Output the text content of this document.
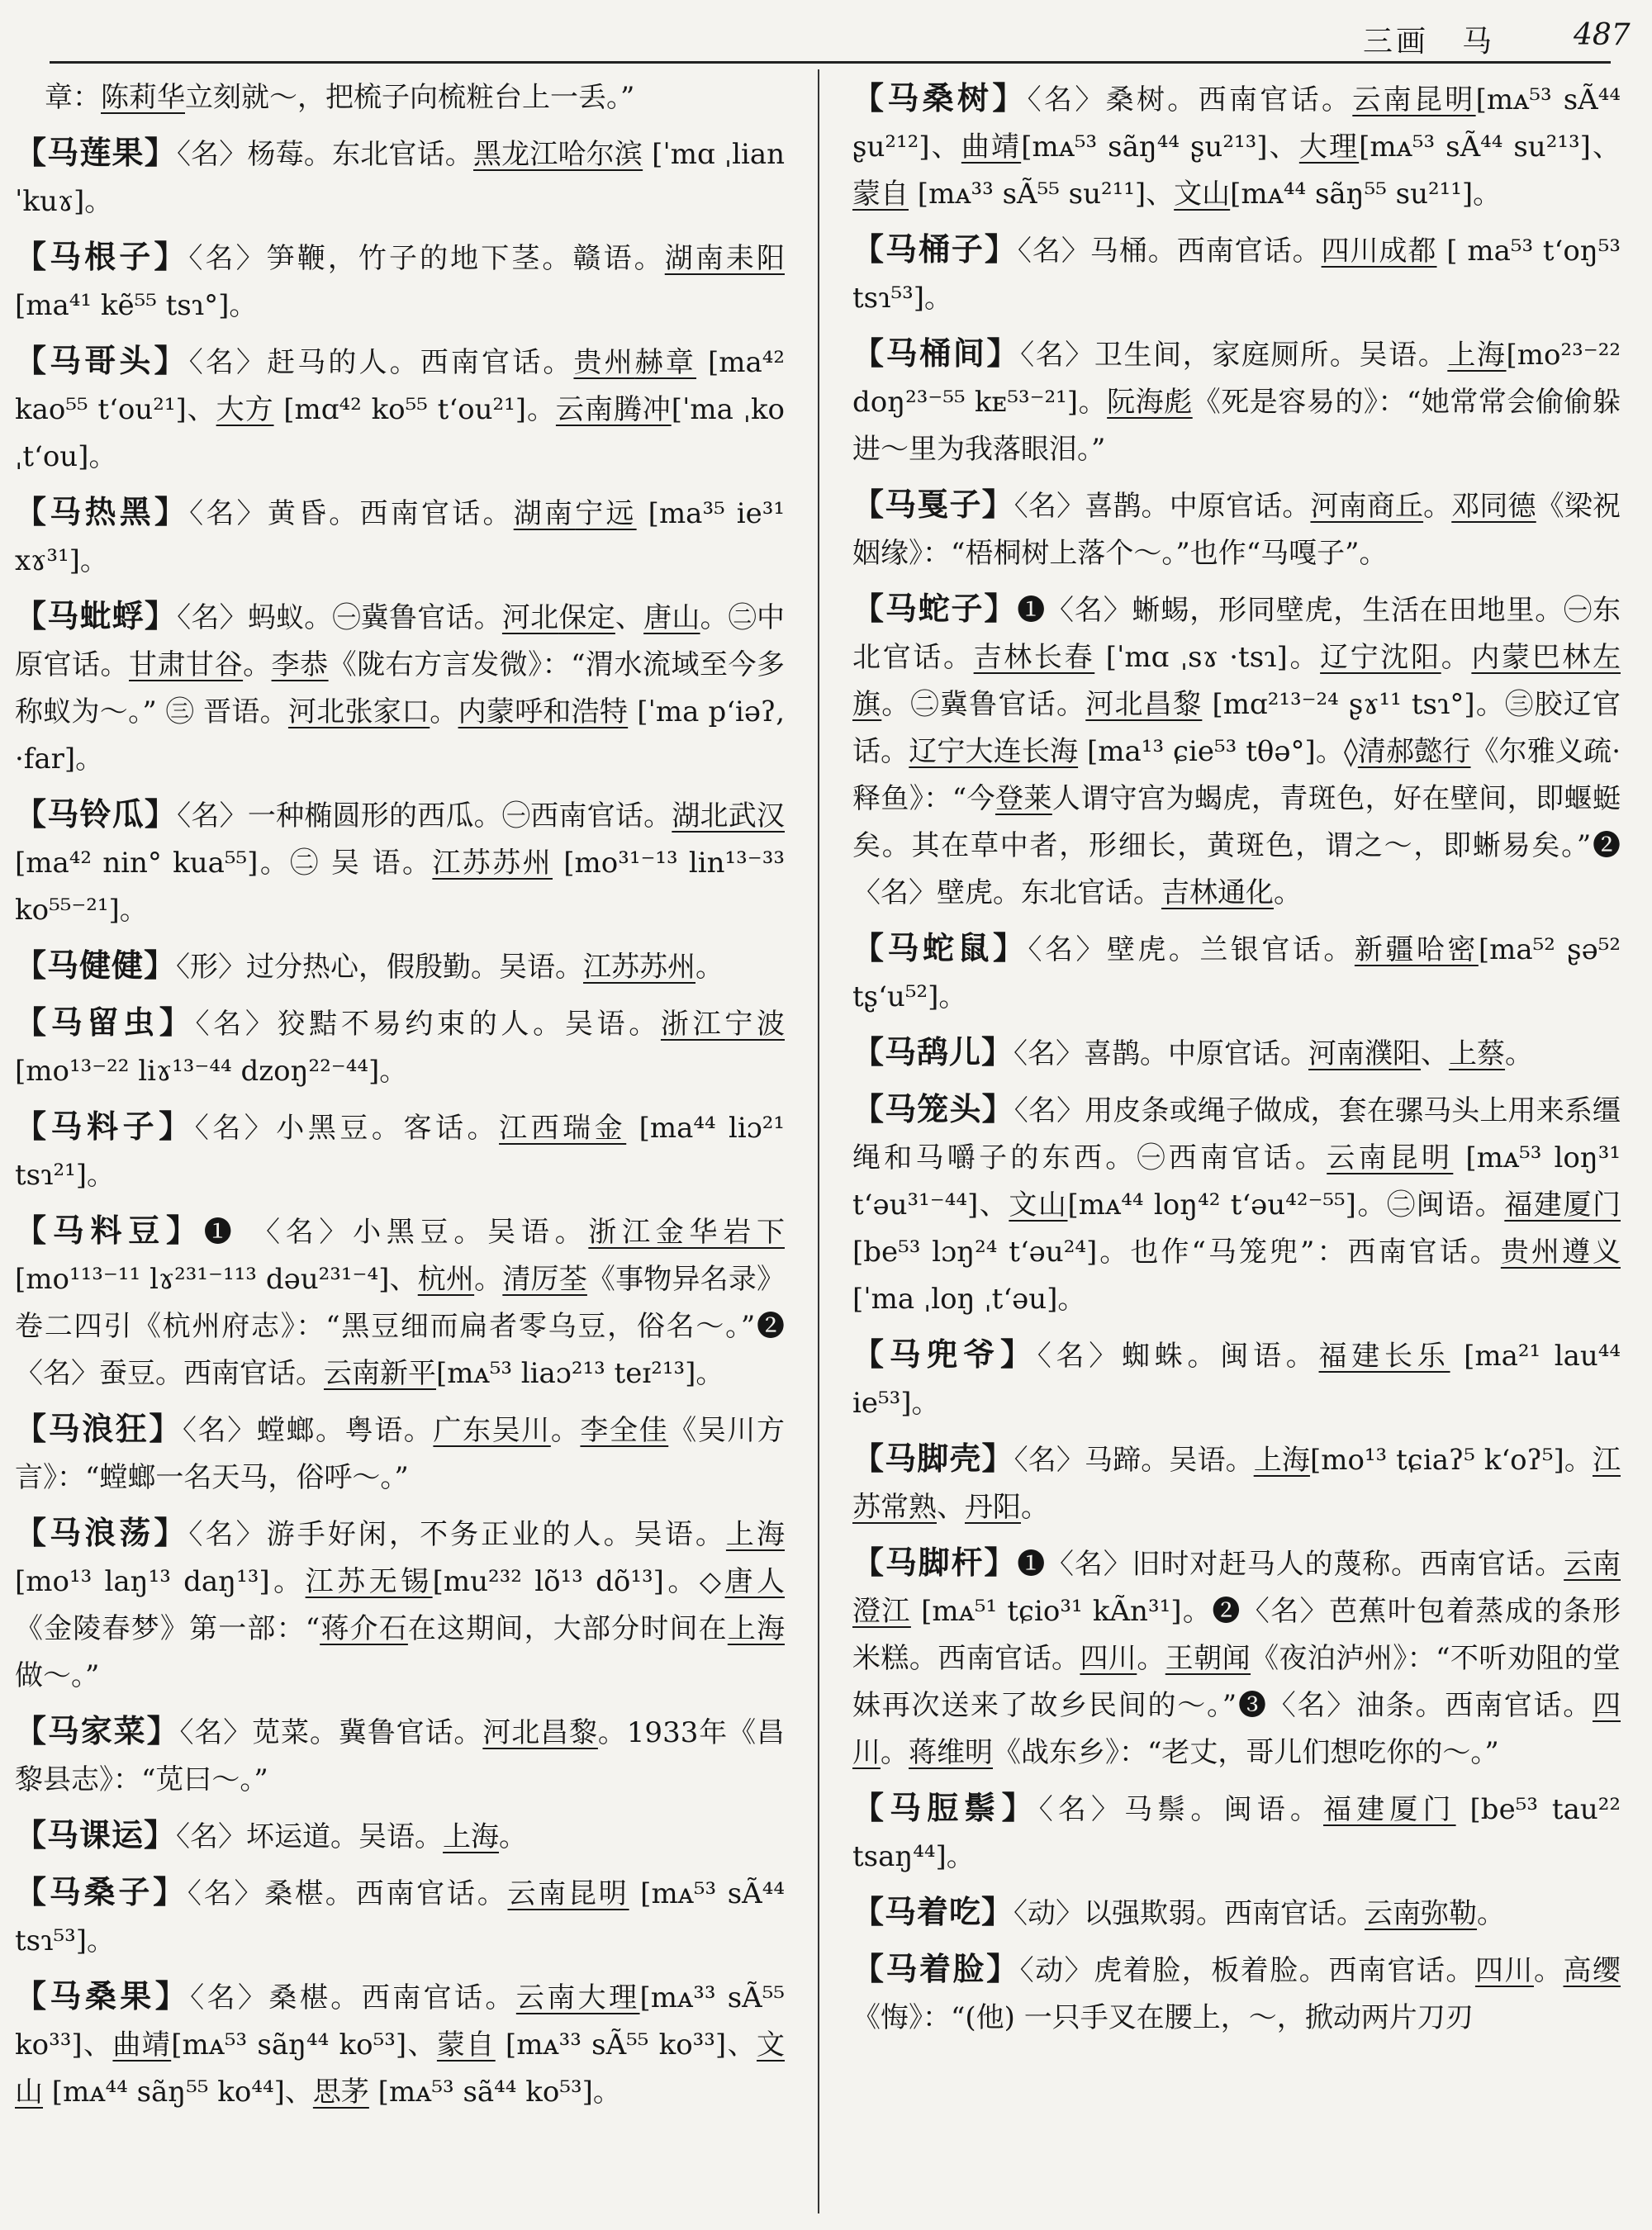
三画　马	487
章：陈莉华立刻就～，把梳子向梳粧台上一丢。”
【马莲果】〈名〉杨莓。东北官话。黑龙江哈尔滨 [ˈmɑ ˌlian ˈkuɤ]。
【马根子】〈名〉笋鞭，竹子的地下茎。赣语。湖南耒阳 [ma⁴¹ kẽ⁵⁵ tsɿ°]。
【马哥头】〈名〉赶马的人。西南官话。贵州赫章 [ma⁴² kao⁵⁵ tʻou²¹]、大方 [mɑ⁴² ko⁵⁵ tʻou²¹]。云南腾冲[ˈma ˌko ˌtʻou]。
【马热黑】〈名〉黄昏。西南官话。湖南宁远 [ma³⁵ ie³¹ xɤ³¹]。
【马蚍蜉】〈名〉蚂蚁。㊀冀鲁官话。河北保定、唐山。㊁中原官话。甘肃甘谷。李恭《陇右方言发微》：“渭水流域至今多称蚁为～。” ㊂ 晋语。河北张家口。内蒙呼和浩特 [ˈma pʻiəʔ, ·far]。
【马铃瓜】〈名〉一种椭圆形的西瓜。㊀西南官话。湖北武汉 [ma⁴² nin° kua⁵⁵]。㊁ 吴 语。江苏苏州 [mo³¹⁻¹³ lin¹³⁻³³ ko⁵⁵⁻²¹]。
【马健健】〈形〉过分热心，假殷勤。吴语。江苏苏州。
【马留虫】〈名〉狡黠不易约束的人。吴语。浙江宁波 [mo¹³⁻²² liɤ¹³⁻⁴⁴ dzoŋ²²⁻⁴⁴]。
【马料子】〈名〉小黑豆。客话。江西瑞金 [ma⁴⁴ liɔ²¹ tsɿ²¹]。
【马料豆】❶ 〈名〉小黑豆。吴语。浙江金华岩下 [mo¹¹³⁻¹¹ lɤ²³¹⁻¹¹³ dəu²³¹⁻⁴]、杭州。清厉荃《事物异名录》卷二四引《杭州府志》：“黑豆细而扁者零乌豆，俗名～。”❷〈名〉蚕豆。西南官话。云南新平[mᴀ⁵³ liaɔ²¹³ teɪ²¹³]。
【马浪狂】〈名〉螳螂。粤语。广东吴川。李全佳《吴川方言》：“螳螂一名天马，俗呼～。”
【马浪荡】〈名〉游手好闲，不务正业的人。吴语。上海 [mo¹³ laŋ¹³ daŋ¹³]。江苏无锡[mu²³² lõ¹³ dõ¹³]。◇唐人《金陵春梦》第一部：“蒋介石在这期间，大部分时间在上海做～。”
【马家菜】〈名〉苋菜。冀鲁官话。河北昌黎。1933年《昌黎县志》：“苋曰～。”
【马课运】〈名〉坏运道。吴语。上海。
【马桑子】〈名〉桑椹。西南官话。云南昆明 [mᴀ⁵³ sÃ⁴⁴ tsɿ⁵³]。
【马桑果】〈名〉桑椹。西南官话。云南大理[mᴀ³³ sÃ⁵⁵ ko³³]、曲靖[mᴀ⁵³ sãŋ⁴⁴ ko⁵³]、蒙自 [mᴀ³³ sÃ⁵⁵ ko³³]、文山 [mᴀ⁴⁴ sãŋ⁵⁵ ko⁴⁴]、思茅 [mᴀ⁵³ sã⁴⁴ ko⁵³]。
【马桑树】〈名〉桑树。西南官话。云南昆明[mᴀ⁵³ sÃ⁴⁴ ʂu²¹²]、曲靖[mᴀ⁵³ sãŋ⁴⁴ ʂu²¹³]、大理[mᴀ⁵³ sÃ⁴⁴ su²¹³]、蒙自 [mᴀ³³ sÃ⁵⁵ su²¹¹]、文山[mᴀ⁴⁴ sãŋ⁵⁵ su²¹¹]。
【马桶子】〈名〉马桶。西南官话。四川成都 [ ma⁵³ tʻoŋ⁵³ tsɿ⁵³]。
【马桶间】〈名〉卫生间，家庭厕所。吴语。上海[mo²³⁻²² doŋ²³⁻⁵⁵ kᴇ⁵³⁻²¹]。阮海彪《死是容易的》：“她常常会偷偷躲进～里为我落眼泪。”
【马戛子】〈名〉喜鹊。中原官话。河南商丘。邓同德《梁祝姻缘》：“梧桐树上落个～。”也作“马嘎子”。
【马蛇子】❶〈名〉蜥蜴，形同壁虎，生活在田地里。㊀东北官话。吉林长春 [ˈmɑ ˌsɤ ·tsɿ]。辽宁沈阳。内蒙巴林左旗。㊁冀鲁官话。河北昌黎 [mɑ²¹³⁻²⁴ ʂɤ¹¹ tsɿ°]。㊂胶辽官话。辽宁大连长海 [ma¹³ ɕie⁵³ tθə°]。◊清郝懿行《尔雅义疏·释鱼》：“今登莱人谓守宫为蝎虎，青斑色，好在壁间，即蝘蜓矣。其在草中者，形细长，黄斑色，谓之～，即蜥易矣。”❷〈名〉壁虎。东北官话。吉林通化。
【马蛇鼠】〈名〉壁虎。兰银官话。新疆哈密[ma⁵² ʂə⁵² tʂʻu⁵²]。
【马鸹儿】〈名〉喜鹊。中原官话。河南濮阳、上蔡。
【马笼头】〈名〉用皮条或绳子做成，套在骡马头上用来系缰绳和马嚼子的东西。㊀西南官话。云南昆明 [mᴀ⁵³ loŋ³¹ tʻəu³¹⁻⁴⁴]、文山[mᴀ⁴⁴ loŋ⁴² tʻəu⁴²⁻⁵⁵]。㊁闽语。福建厦门 [be⁵³ lɔŋ²⁴ tʻəu²⁴]。也作“马笼兜”：西南官话。贵州遵义 [ˈma ˌloŋ ˌtʻəu]。
【马兜爷】〈名〉蜘蛛。闽语。福建长乐 [ma²¹ lau⁴⁴ ie⁵³]。
【马脚壳】〈名〉马蹄。吴语。上海[mo¹³ tɕiaʔ⁵ kʻoʔ⁵]。江苏常熟、丹阳。
【马脚杆】❶〈名〉旧时对赶马人的蔑称。西南官话。云南澄江 [mᴀ⁵¹ tɕio³¹ kÃn³¹]。❷〈名〉芭蕉叶包着蒸成的条形米糕。西南官话。四川。王朝闻《夜泊泸州》：“不听劝阻的堂妹再次送来了故乡民间的～。”❸〈名〉油条。西南官话。四川。蒋维明《战东乡》：“老丈，哥儿们想吃你的～。”
【马脰鬃】〈名〉马鬃。闽语。福建厦门 [be⁵³ tau²² tsaŋ⁴⁴]。
【马着吃】〈动〉以强欺弱。西南官话。云南弥勒。
【马着脸】〈动〉虎着脸，板着脸。西南官话。四川。高缨《悔》：“(他) 一只手叉在腰上，～，掀动两片刀刃
